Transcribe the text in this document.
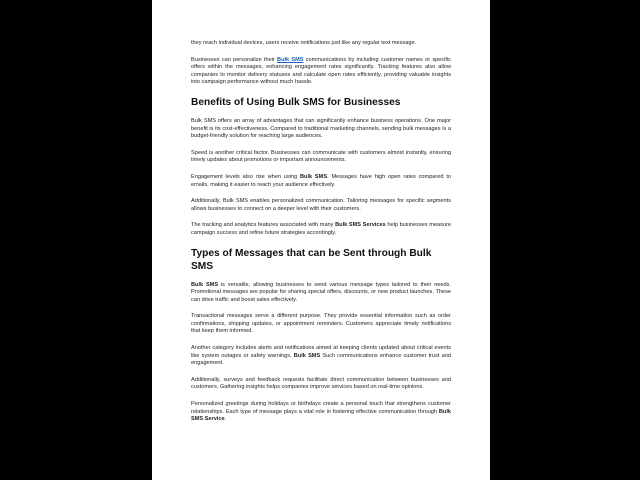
they reach individual devices, users receive notifications just like any regular text message.

Businesses can personalize their Bulk SMS communications by including customer names or specific offers within the messages, enhancing engagement rates significantly. Tracking features also allow companies to monitor delivery statuses and calculate open rates efficiently, providing valuable insights into campaign performance without much hassle.

Benefits of Using Bulk SMS for Businesses

Bulk SMS offers an array of advantages that can significantly enhance business operations. One major benefit is its cost-effectiveness. Compared to traditional marketing channels, sending bulk messages is a budget-friendly solution for reaching large audiences.

Speed is another critical factor. Businesses can communicate with customers almost instantly, ensuring timely updates about promotions or important announcements.

Engagement levels also rise when using Bulk SMS. Messages have high open rates compared to emails, making it easier to reach your audience effectively.

Additionally, Bulk SMS enables personalized communication. Tailoring messages for specific segments allows businesses to connect on a deeper level with their customers.

The tracking and analytics features associated with many Bulk SMS Services help businesses measure campaign success and refine future strategies accordingly.

Types of Messages that can be Sent through Bulk SMS

Bulk SMS is versatile, allowing businesses to send various message types tailored to their needs. Promotional messages are popular for sharing special offers, discounts, or new product launches. These can drive traffic and boost sales effectively.

Transactional messages serve a different purpose. They provide essential information such as order confirmations, shipping updates, or appointment reminders. Customers appreciate timely notifications that keep them informed.

Another category includes alerts and notifications aimed at keeping clients updated about critical events like system outages or safety warnings. Bulk SMS Such communications enhance customer trust and engagement.

Additionally, surveys and feedback requests facilitate direct communication between businesses and customers. Gathering insights helps companies improve services based on real-time opinions.

Personalized greetings during holidays or birthdays create a personal touch that strengthens customer relationships. Each type of message plays a vital role in fostering effective communication through Bulk SMS Service.
